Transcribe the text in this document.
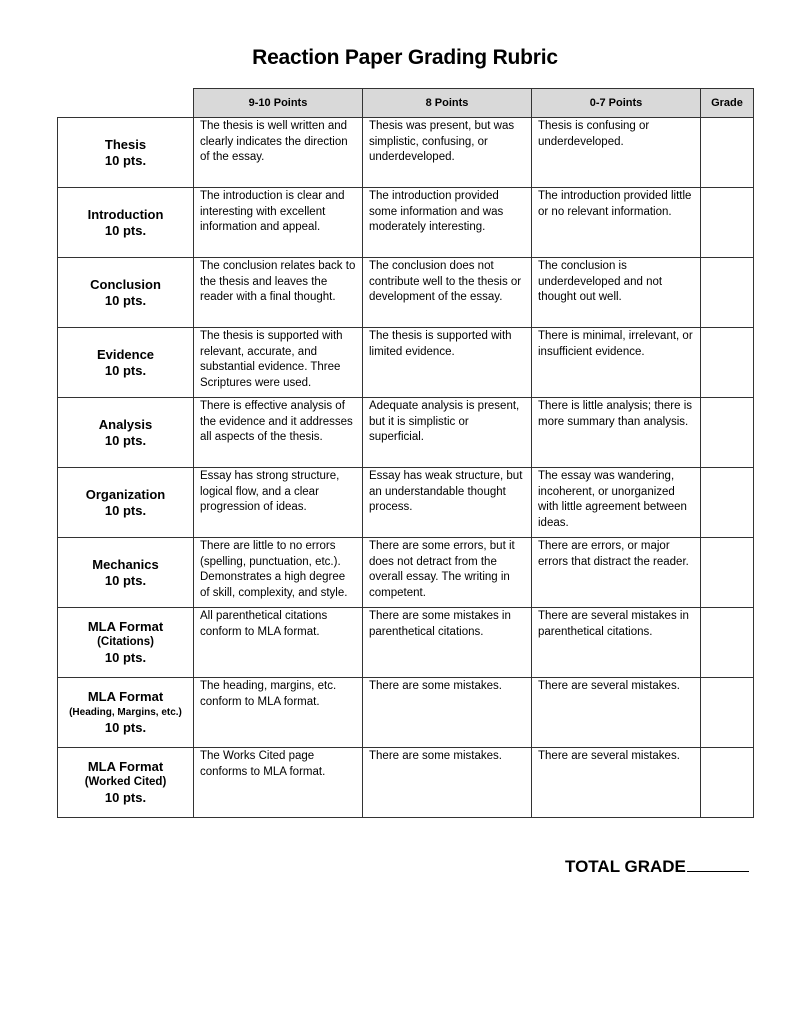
Reaction Paper Grading Rubric
	9-10 Points	8 Points	0-7 Points	Grade

Thesis
10 pts.	The thesis is well written and clearly indicates the direction of the essay.	Thesis was present, but was simplistic, confusing, or underdeveloped.	Thesis is confusing or underdeveloped.	

Introduction
10 pts.	The introduction is clear and interesting with excellent information and appeal.	The introduction provided some information and was moderately interesting.	The introduction provided little or no relevant information.	

Conclusion
10 pts.	The conclusion relates back to the thesis and leaves the reader with a final thought.	The conclusion does not contribute well to the thesis or development of the essay.	The conclusion is underdeveloped and not thought out well.	

Evidence
10 pts.	The thesis is supported with relevant, accurate, and substantial evidence. Three Scriptures were used.	The thesis is supported with limited evidence.	There is minimal, irrelevant, or insufficient evidence.	

Analysis
10 pts.	There is effective analysis of the evidence and it addresses all aspects of the thesis.	Adequate analysis is present, but it is simplistic or superficial.	There is little analysis; there is more summary than analysis.	

Organization
10 pts.	Essay has strong structure, logical flow, and a clear progression of ideas.	Essay has weak structure, but an understandable thought process.	The essay was wandering, incoherent, or unorganized with little agreement between ideas.	

Mechanics
10 pts.	There are little to no errors (spelling, punctuation, etc.). Demonstrates a high degree of skill, complexity, and style.	There are some errors, but it does not detract from the overall essay. The writing in competent.	There are errors, or major errors that distract the reader.	

MLA Format
(Citations)
10 pts.	All parenthetical citations conform to MLA format.	There are some mistakes in parenthetical citations.	There are several mistakes in parenthetical citations.	

MLA Format
(Heading, Margins, etc.)
10 pts.	The heading, margins, etc. conform to MLA format.	There are some mistakes.	There are several mistakes.	

MLA Format
(Worked Cited)
10 pts.	The Works Cited page conforms to MLA format.	There are some mistakes.	There are several mistakes.	
TOTAL GRADE
